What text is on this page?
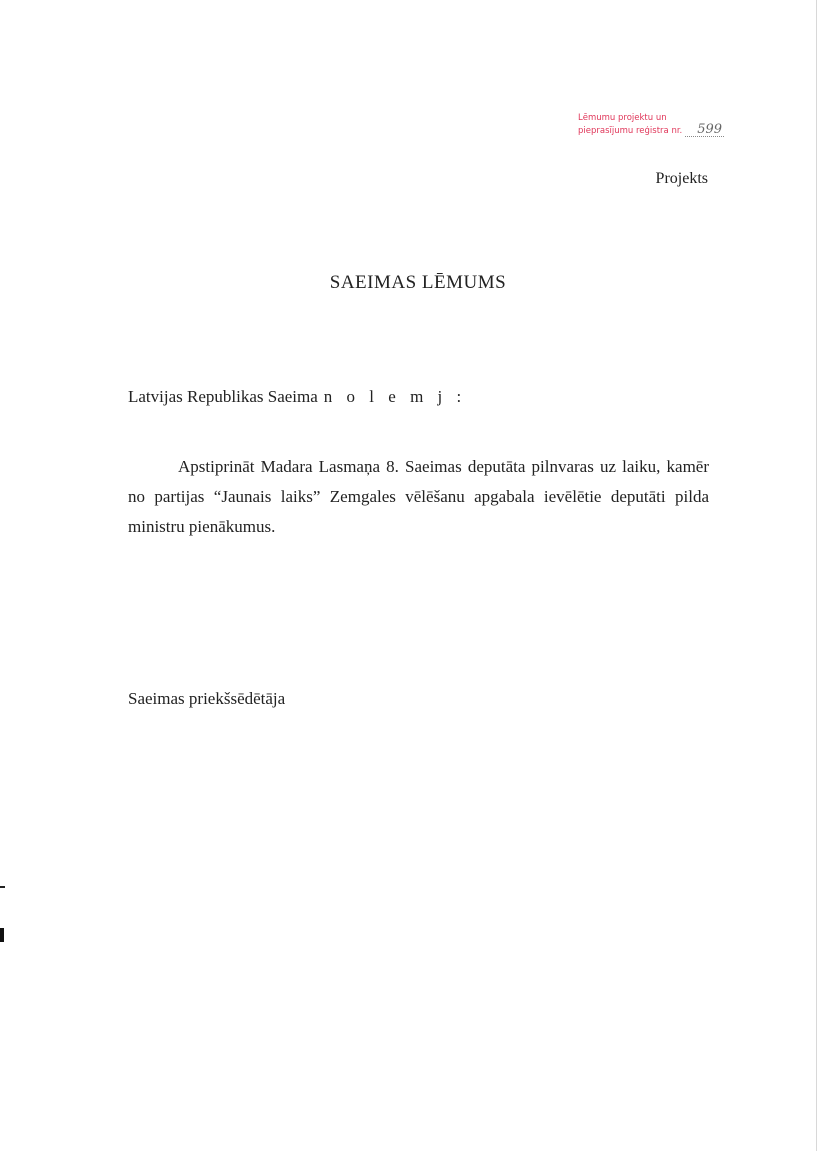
Lēmumu projektu un
pieprasījumu reģistra nr.	599
Projekts
SAEIMAS LĒMUMS
Latvijas Republikas Saeima n o l e m j :
Apstiprināt Madara Lasmaņa 8. Saeimas deputāta pilnvaras uz laiku, kamēr no partijas “Jaunais laiks” Zemgales vēlēšanu apgabala ievēlētie deputāti pilda ministru pienākumus.
Saeimas priekšsēdētāja
